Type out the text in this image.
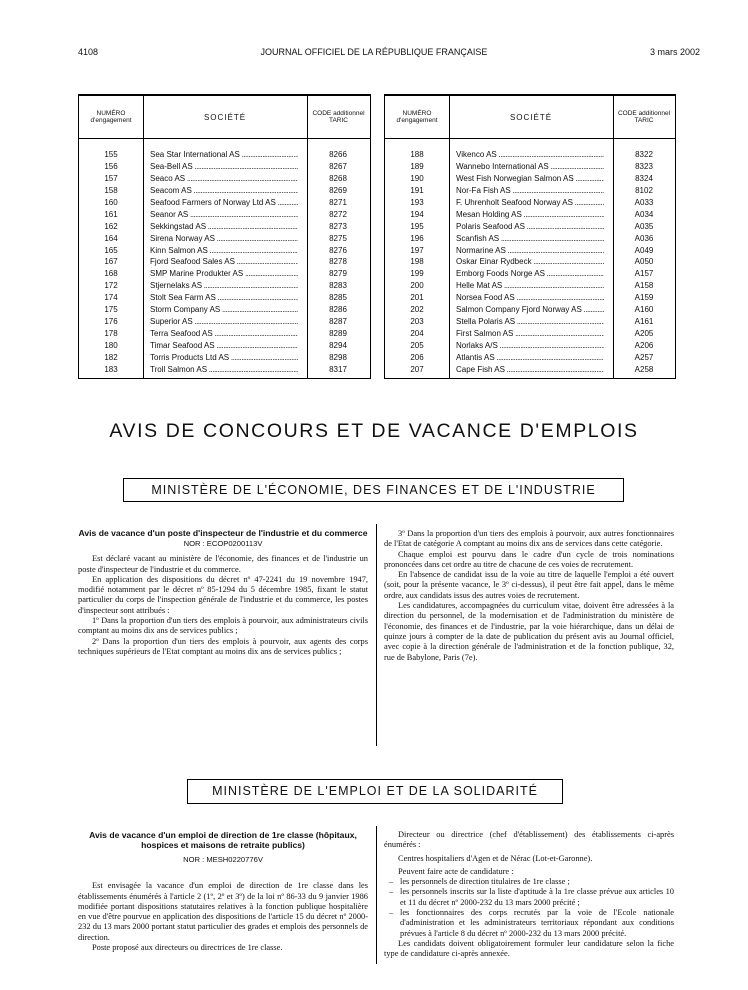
4108	JOURNAL OFFICIEL DE LA RÉPUBLIQUE FRANÇAISE	3 mars 2002
NUMÉRO d'engagement	SOCIÉTÉ	CODE additionnel TARIC
155	Sea Star International AS .....	8266
156	Sea-Bell AS .....	8267
157	Seaco AS .....	8268
158	Seacom AS .....	8269
160	Seafood Farmers of Norway Ltd AS .....	8271
161	Seanor AS .....	8272
162	Sekkingstad AS .....	8273
164	Sirena Norway AS .....	8275
165	Kinn Salmon AS .....	8276
167	Fjord Seafood Sales AS .....	8278
168	SMP Marine Produkter AS .....	8279
172	Stjernelaks AS .....	8283
174	Stolt Sea Farm AS .....	8285
175	Storm Company AS .....	8286
176	Superior AS .....	8287
178	Terra Seafood AS .....	8289
180	Timar Seafood AS .....	8294
182	Torris Products Ltd AS .....	8298
183	Troll Salmon AS .....	8317
NUMÉRO d'engagement	SOCIÉTÉ	CODE additionnel TARIC
188	Vikenco AS .....	8322
189	Wannebo International AS .....	8323
190	West Fish Norwegian Salmon AS .....	8324
191	Nor-Fa Fish AS .....	8102
193	F. Uhrenholt Seafood Norway AS .....	A033
194	Mesan Holding AS .....	A034
195	Polaris Seafood AS .....	A035
196	Scanfish AS .....	A036
197	Normarine AS .....	A049
198	Oskar Einar Rydbeck .....	A050
199	Emborg Foods Norge AS .....	A157
200	Helle Mat AS .....	A158
201	Norsea Food AS .....	A159
202	Salmon Company Fjord Norway AS .....	A160
203	Stella Polaris AS .....	A161
204	First Salmon AS .....	A205
205	Norlaks A/S .....	A206
206	Atlantis AS .....	A257
207	Cape Fish AS .....	A258
AVIS DE CONCOURS ET DE VACANCE D'EMPLOIS
MINISTÈRE DE L'ÉCONOMIE, DES FINANCES ET DE L'INDUSTRIE

Avis de vacance d'un poste d'inspecteur de l'industrie et du commerce

NOR : ECOP0200113V

Est déclaré vacant au ministère de l'économie, des finances et de l'industrie un poste d'inspecteur de l'industrie et du commerce.

En application des dispositions du décret nº 47-2241 du 19 novembre 1947, modifié notamment par le décret nº 85-1294 du 5 décembre 1985, fixant le statut particulier du corps de l'inspection générale de l'industrie et du commerce, les postes d'inspecteur sont attribués :

1º Dans la proportion d'un tiers des emplois à pourvoir, aux administrateurs civils comptant au moins dix ans de services publics ;

2º Dans la proportion d'un tiers des emplois à pourvoir, aux agents des corps techniques supérieurs de l'Etat comptant au moins dix ans de services publics ;

3º Dans la proportion d'un tiers des emplois à pourvoir, aux autres fonctionnaires de l'Etat de catégorie A comptant au moins dix ans de services dans cette catégorie.

Chaque emploi est pourvu dans le cadre d'un cycle de trois nominations prononcées dans cet ordre au titre de chacune de ces voies de recrutement.

En l'absence de candidat issu de la voie au titre de laquelle l'emploi a été ouvert (soit, pour la présente vacance, le 3º ci-dessus), il peut être fait appel, dans le même ordre, aux candidats issus des autres voies de recrutement.

Les candidatures, accompagnées du curriculum vitae, doivent être adressées à la direction du personnel, de la modernisation et de l'administration du ministère de l'économie, des finances et de l'industrie, par la voie hiérarchique, dans un délai de quinze jours à compter de la date de publication du présent avis au Journal officiel, avec copie à la direction générale de l'administration et de la fonction publique, 32, rue de Babylone, Paris (7e).

MINISTÈRE DE L'EMPLOI ET DE LA SOLIDARITÉ

Avis de vacance d'un emploi de direction de 1re classe (hôpitaux, hospices et maisons de retraite publics)

NOR : MESH0220776V

Est envisagée la vacance d'un emploi de direction de 1re classe dans les établissements énumérés à l'article 2 (1º, 2º et 3º) de la loi nº 86-33 du 9 janvier 1986 modifiée portant dispositions statutaires relatives à la fonction publique hospitalière en vue d'être pourvue en application des dispositions de l'article 15 du décret nº 2000-232 du 13 mars 2000 portant statut particulier des grades et emplois des personnels de direction.

Poste proposé aux directeurs ou directrices de 1re classe.

Directeur ou directrice (chef d'établissement) des établissements ci-après énumérés :

Centres hospitaliers d'Agen et de Nérac (Lot-et-Garonne).

Peuvent faire acte de candidature :

– les personnels de direction titulaires de 1re classe ;
– les personnels inscrits sur la liste d'aptitude à la 1re classe prévue aux articles 10 et 11 du décret nº 2000-232 du 13 mars 2000 précité ;
– les fonctionnaires des corps recrutés par la voie de l'Ecole nationale d'administration et les administrateurs territoriaux répondant aux conditions prévues à l'article 8 du décret nº 2000-232 du 13 mars 2000 précité.

Les candidats doivent obligatoirement formuler leur candidature selon la fiche type de candidature ci-après annexée.
